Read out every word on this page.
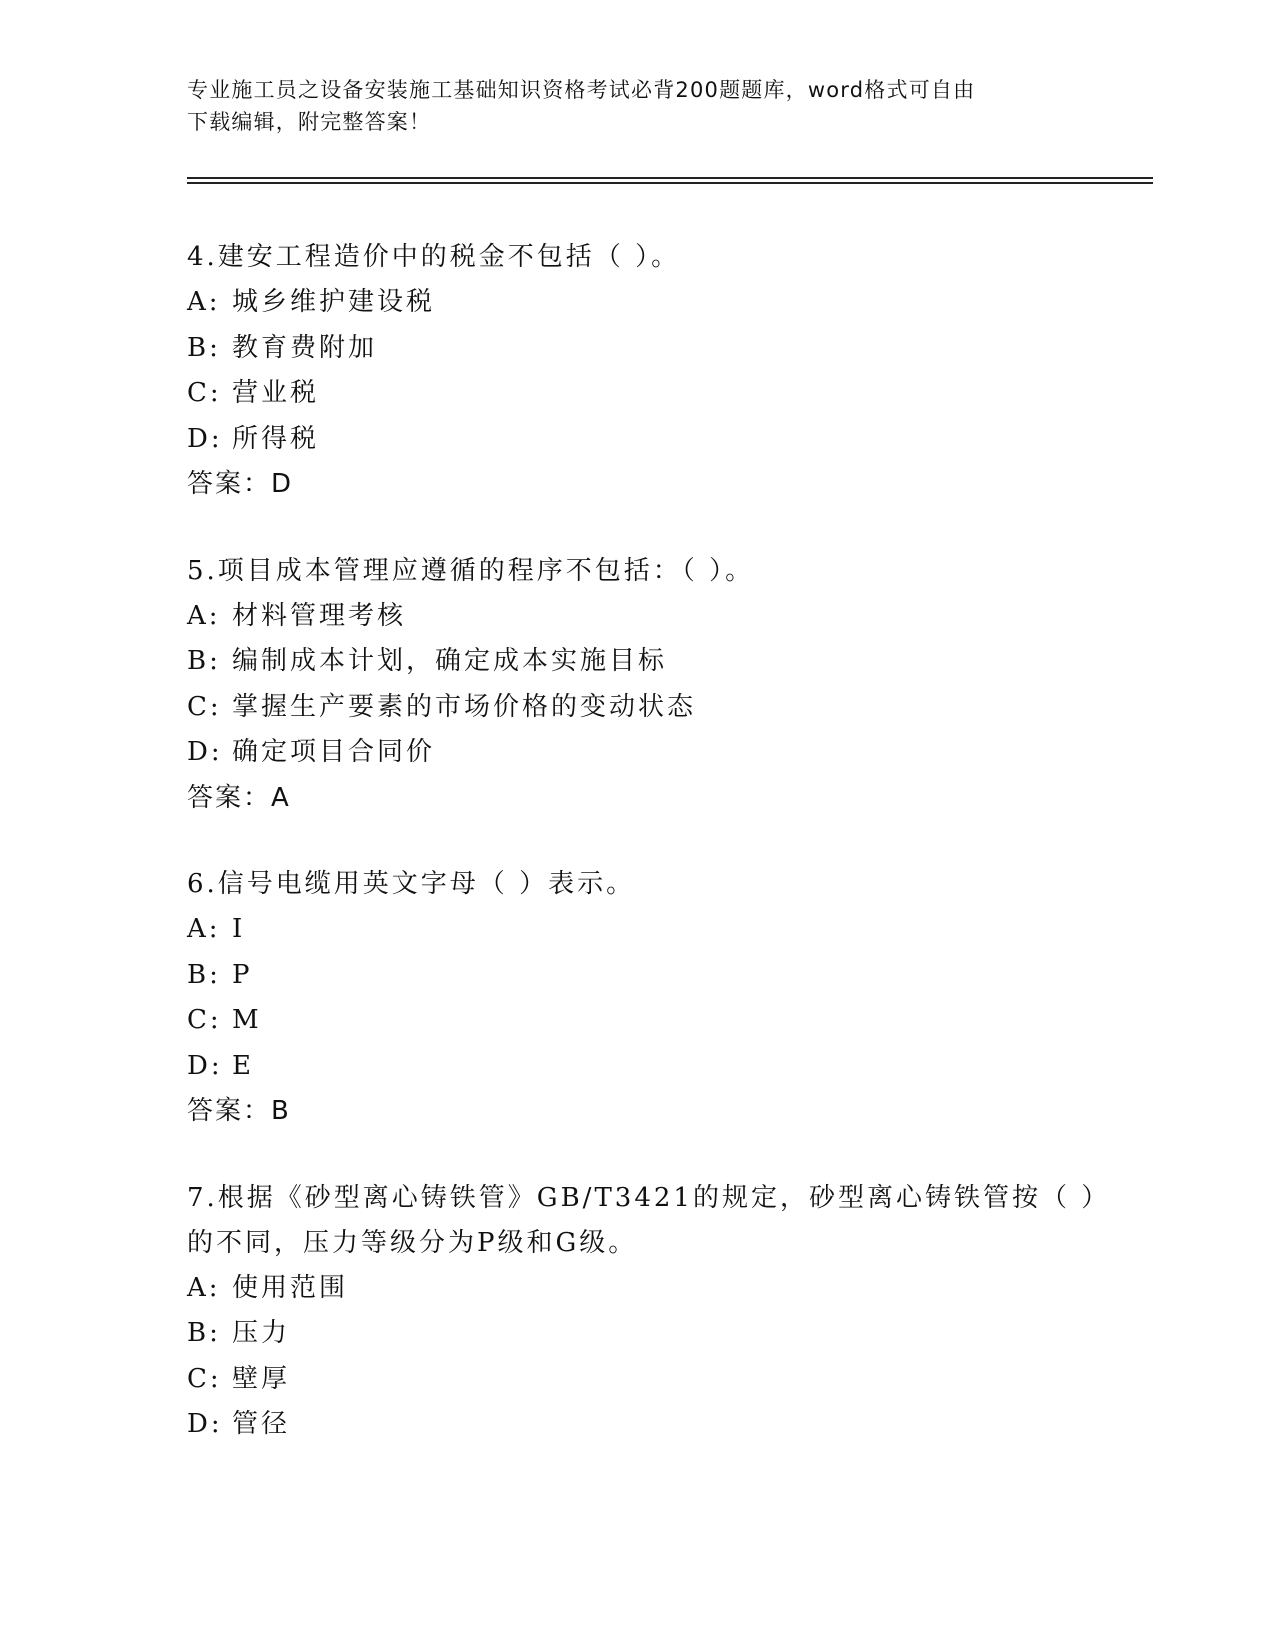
专业施工员之设备安装施工基础知识资格考试必背200题题库，word格式可自由
下载编辑，附完整答案！
4.建安工程造价中的税金不包括（ ）。
A: 城乡维护建设税
B: 教育费附加
C: 营业税
D: 所得税
答案：D
5.项目成本管理应遵循的程序不包括：（ ）。
A: 材料管理考核
B: 编制成本计划，确定成本实施目标
C: 掌握生产要素的市场价格的变动状态
D: 确定项目合同价
答案：A
6.信号电缆用英文字母（ ）表示。
A: I
B: P
C: M
D: E
答案：B
7.根据《砂型离心铸铁管》GB/T3421的规定，砂型离心铸铁管按（ ）
的不同，压力等级分为P级和G级。
A: 使用范围
B: 压力
C: 壁厚
D: 管径
